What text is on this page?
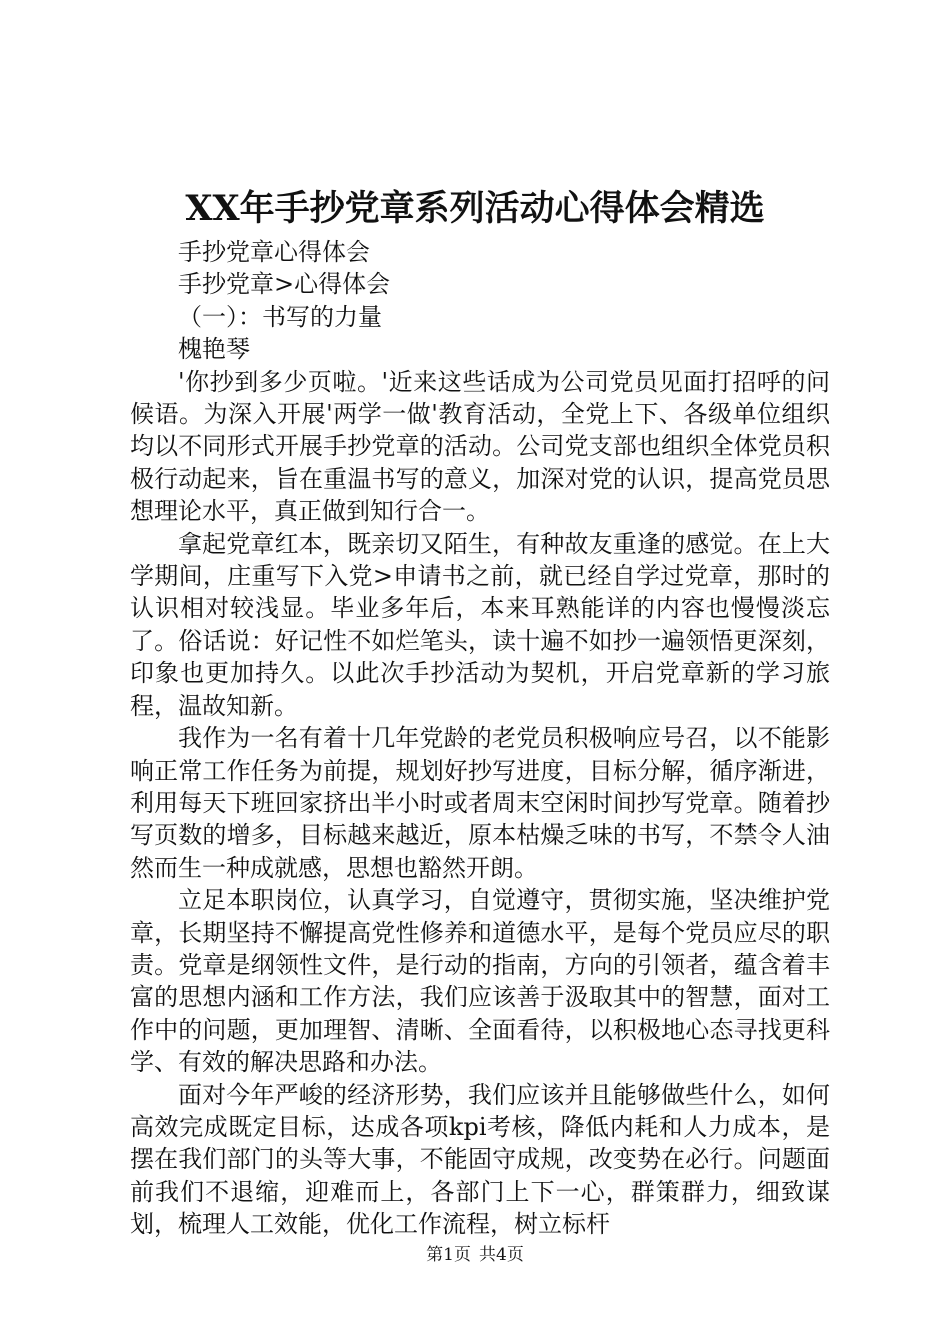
XX年手抄党章系列活动心得体会精选

手抄党章心得体会

手抄党章>心得体会

（一）：书写的力量

槐艳琴

'你抄到多少页啦。'近来这些话成为公司党员见面打招呼的问候语。为深入开展'两学一做'教育活动，全党上下、各级单位组织均以不同形式开展手抄党章的活动。公司党支部也组织全体党员积极行动起来，旨在重温书写的意义，加深对党的认识，提高党员思想理论水平，真正做到知行合一。

拿起党章红本，既亲切又陌生，有种故友重逢的感觉。在上大学期间，庄重写下入党>申请书之前，就已经自学过党章，那时的认识相对较浅显。毕业多年后，本来耳熟能详的内容也慢慢淡忘了。俗话说：好记性不如烂笔头，读十遍不如抄一遍领悟更深刻，印象也更加持久。以此次手抄活动为契机，开启党章新的学习旅程，温故知新。

我作为一名有着十几年党龄的老党员积极响应号召，以不能影响正常工作任务为前提，规划好抄写进度，目标分解，循序渐进，利用每天下班回家挤出半小时或者周末空闲时间抄写党章。随着抄写页数的增多，目标越来越近，原本枯燥乏味的书写，不禁令人油然而生一种成就感，思想也豁然开朗。

立足本职岗位，认真学习，自觉遵守，贯彻实施，坚决维护党章，长期坚持不懈提高党性修养和道德水平，是每个党员应尽的职责。党章是纲领性文件，是行动的指南，方向的引领者，蕴含着丰富的思想内涵和工作方法，我们应该善于汲取其中的智慧，面对工作中的问题，更加理智、清晰、全面看待，以积极地心态寻找更科学、有效的解决思路和办法。

面对今年严峻的经济形势，我们应该并且能够做些什么，如何高效完成既定目标，达成各项kpi考核，降低内耗和人力成本，是摆在我们部门的头等大事，不能固守成规，改变势在必行。问题面前我们不退缩，迎难而上，各部门上下一心，群策群力，细致谋划，梳理人工效能，优化工作流程，树立标杆

第1页 共4页
